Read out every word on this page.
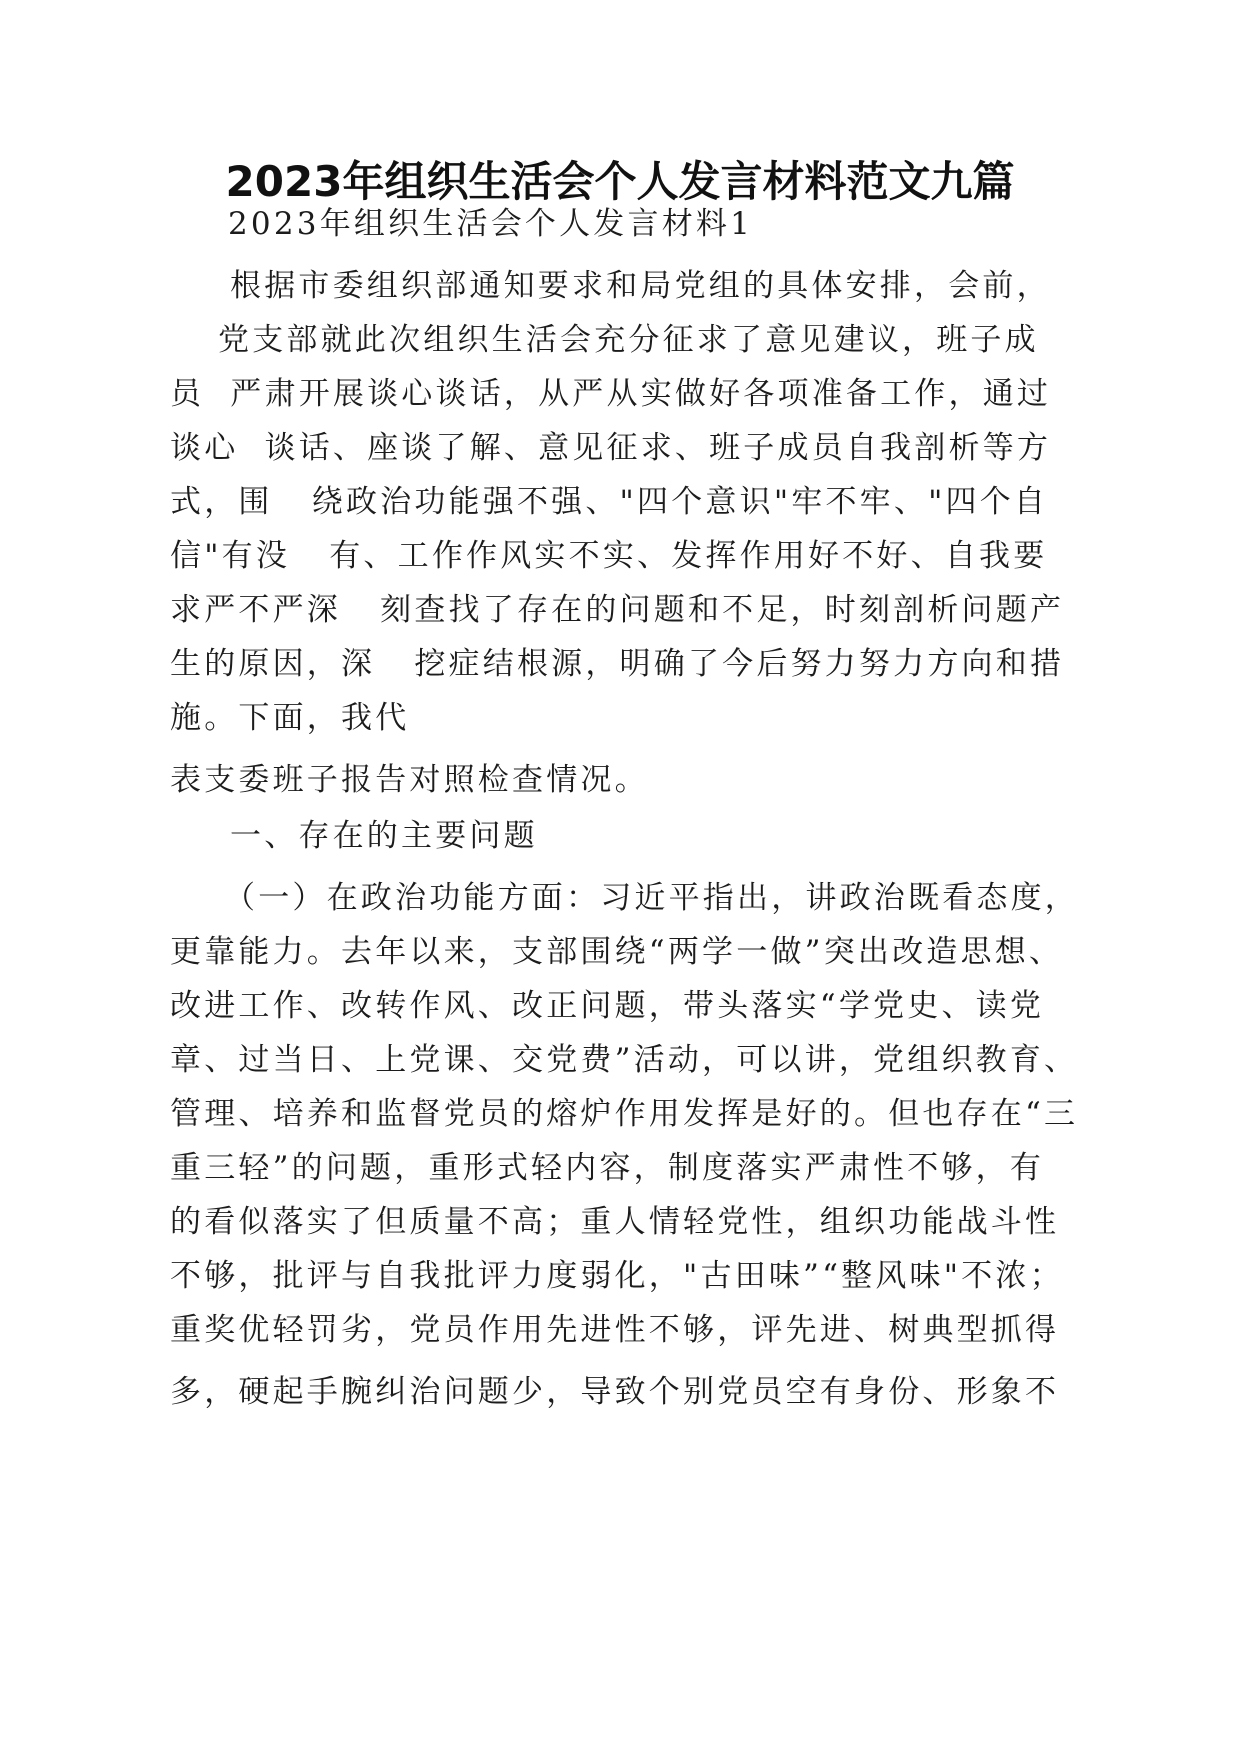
2023年组织生活会个人发言材料范文九篇
2023年组织生活会个人发言材料1
根据市委组织部通知要求和局党组的具体安排，会前，
党支部就此次组织生活会充分征求了意见建议，班子成
员  严肃开展谈心谈话，从严从实做好各项准备工作，通过
谈心  谈话、座谈了解、意见征求、班子成员自我剖析等方
式，围   绕政治功能强不强、"四个意识"牢不牢、"四个自
信"有没   有、工作作风实不实、发挥作用好不好、自我要
求严不严深   刻查找了存在的问题和不足，时刻剖析问题产
生的原因，深   挖症结根源，明确了今后努力努力方向和措
施。下面，我代
表支委班子报告对照检查情况。
一、存在的主要问题
（一）在政治功能方面：习近平指出，讲政治既看态度，
更靠能力。去年以来，支部围绕“两学一做”突出改造思想、
改进工作、改转作风、改正问题，带头落实“学党史、读党
章、过当日、上党课、交党费”活动，可以讲，党组织教育、
管理、培养和监督党员的熔炉作用发挥是好的。但也存在“三
重三轻”的问题，重形式轻内容，制度落实严肃性不够，有
的看似落实了但质量不高；重人情轻党性，组织功能战斗性
不够，批评与自我批评力度弱化，"古田味”“整风味"不浓；
重奖优轻罚劣，党员作用先进性不够，评先进、树典型抓得
多，硬起手腕纠治问题少，导致个别党员空有身份、形象不
